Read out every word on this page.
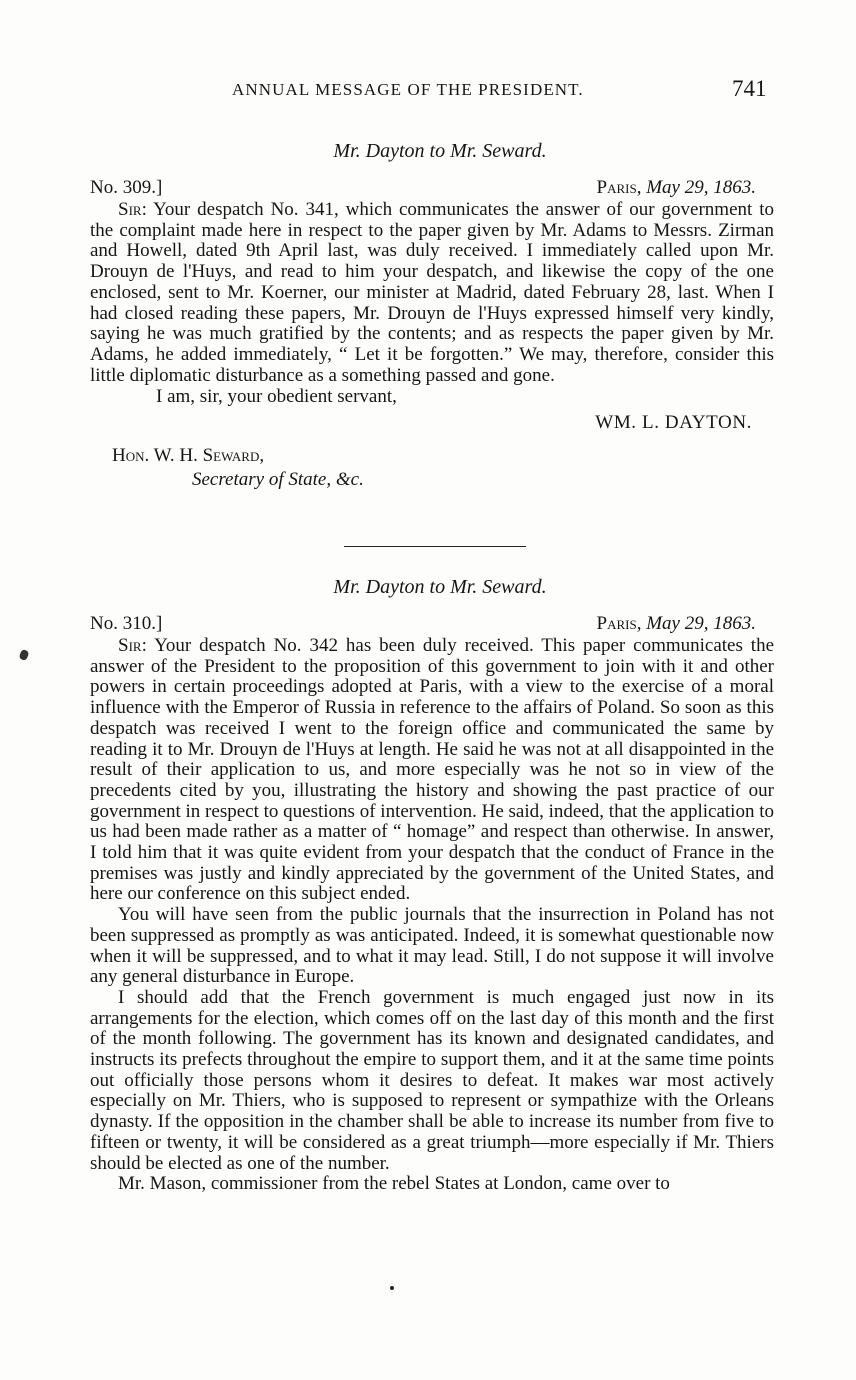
ANNUAL MESSAGE OF THE PRESIDENT.	741
Mr. Dayton to Mr. Seward.
No. 309.]	Paris, May 29, 1863.

Sir: Your despatch No. 341, which communicates the answer of our government to the complaint made here in respect to the paper given by Mr. Adams to Messrs. Zirman and Howell, dated 9th April last, was duly received. I immediately called upon Mr. Drouyn de l'Huys, and read to him your despatch, and likewise the copy of the one enclosed, sent to Mr. Koerner, our minister at Madrid, dated February 28, last. When I had closed reading these papers, Mr. Drouyn de l'Huys expressed himself very kindly, saying he was much gratified by the contents; and as respects the paper given by Mr. Adams, he added immediately, “ Let it be forgotten.” We may, therefore, consider this little diplomatic disturbance as a something passed and gone.

I am, sir, your obedient servant,
WM. L. DAYTON.
Hon. W. H. Seward,
Secretary of State, &c.
Mr. Dayton to Mr. Seward.
No. 310.]	Paris, May 29, 1863.

Sir: Your despatch No. 342 has been duly received. This paper communicates the answer of the President to the proposition of this government to join with it and other powers in certain proceedings adopted at Paris, with a view to the exercise of a moral influence with the Emperor of Russia in reference to the affairs of Poland. So soon as this despatch was received I went to the foreign office and communicated the same by reading it to Mr. Drouyn de l'Huys at length. He said he was not at all disappointed in the result of their application to us, and more especially was he not so in view of the precedents cited by you, illustrating the history and showing the past practice of our government in respect to questions of intervention. He said, indeed, that the application to us had been made rather as a matter of “ homage” and respect than otherwise. In answer, I told him that it was quite evident from your despatch that the conduct of France in the premises was justly and kindly appreciated by the government of the United States, and here our conference on this subject ended.

You will have seen from the public journals that the insurrection in Poland has not been suppressed as promptly as was anticipated. Indeed, it is somewhat questionable now when it will be suppressed, and to what it may lead. Still, I do not suppose it will involve any general disturbance in Europe.

I should add that the French government is much engaged just now in its arrangements for the election, which comes off on the last day of this month and the first of the month following. The government has its known and designated candidates, and instructs its prefects throughout the empire to support them, and it at the same time points out officially those persons whom it desires to defeat. It makes war most actively especially on Mr. Thiers, who is supposed to represent or sympathize with the Orleans dynasty. If the opposition in the chamber shall be able to increase its number from five to fifteen or twenty, it will be considered as a great triumph—more especially if Mr. Thiers should be elected as one of the number.

Mr. Mason, commissioner from the rebel States at London, came over to
